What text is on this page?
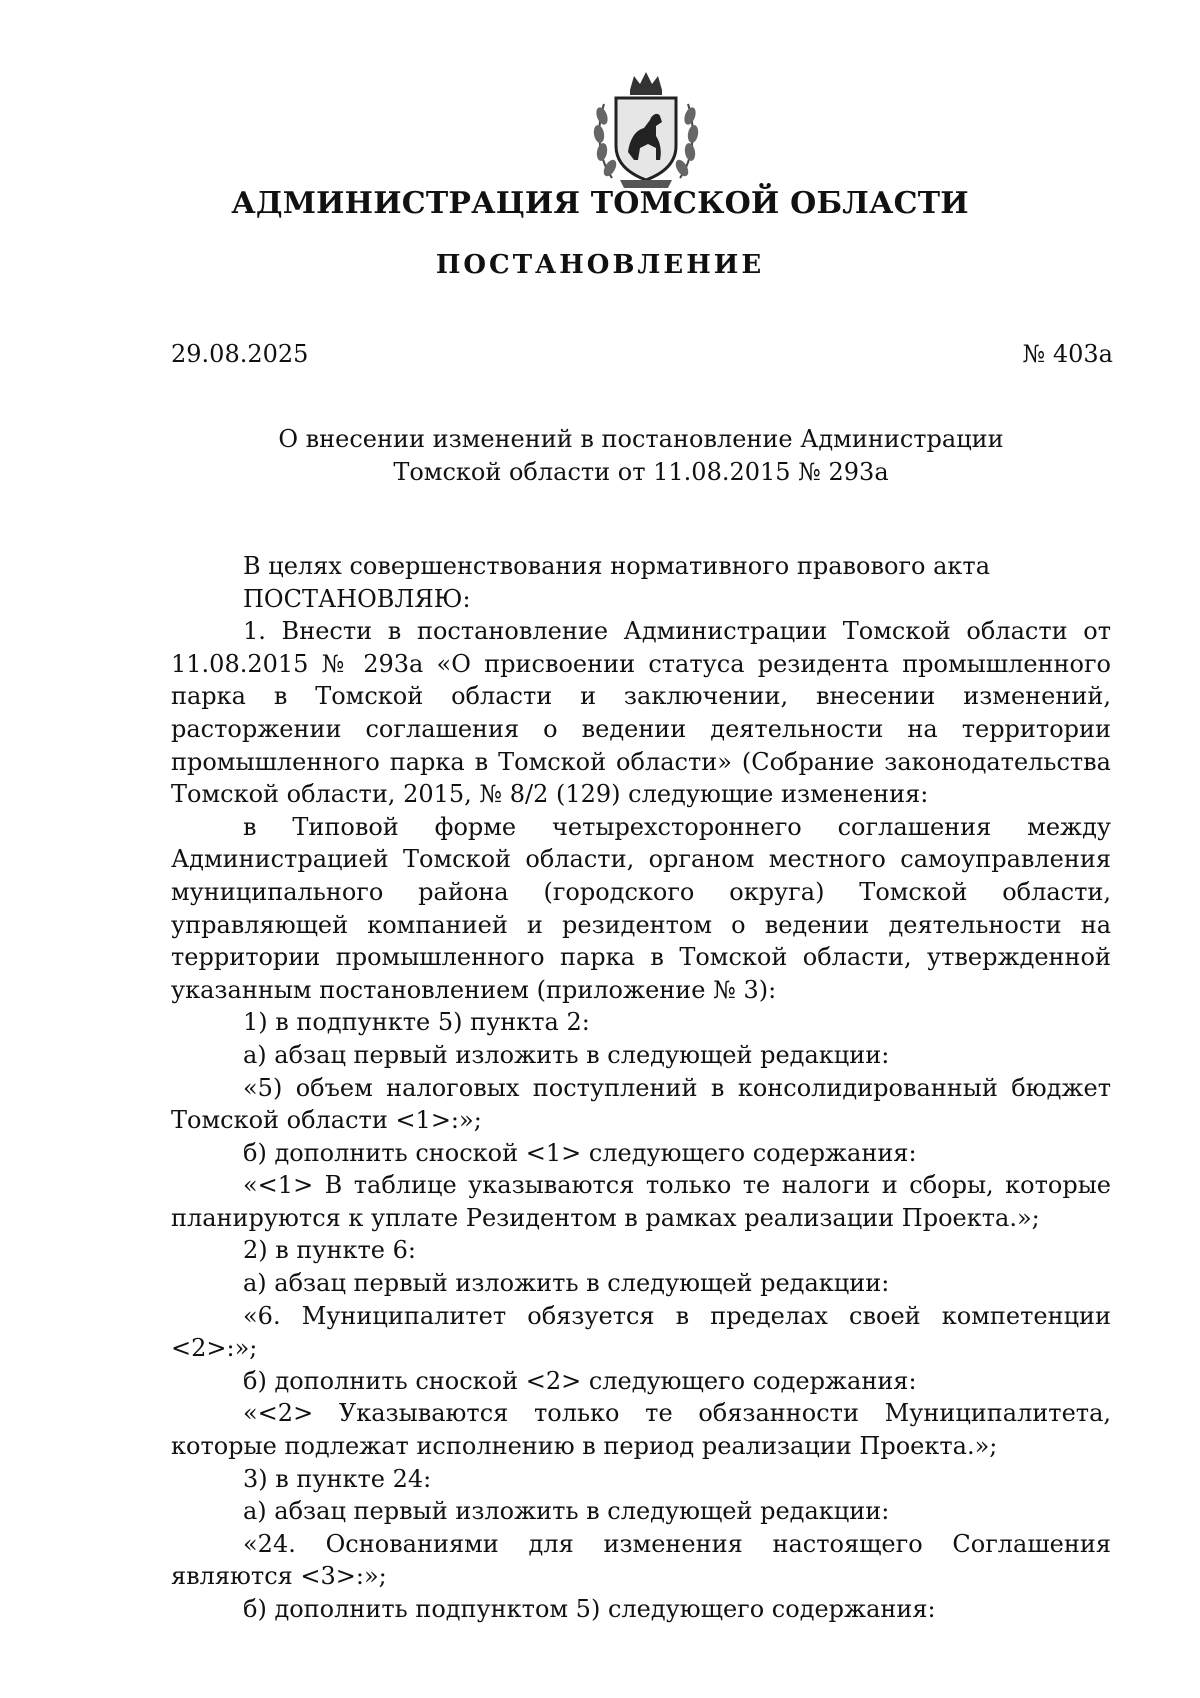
АДМИНИСТРАЦИЯ ТОМСКОЙ ОБЛАСТИ
ПОСТАНОВЛЕНИЕ
29.08.2025	№ 403а
О внесении изменений в постановление Администрации
Томской области от 11.08.2015 № 293а

В целях совершенствования нормативного правового акта

ПОСТАНОВЛЯЮ:

1. Внести в постановление Администрации Томской области от 11.08.2015 № 293а «О присвоении статуса резидента промышленного парка в Томской области и заключении, внесении изменений, расторжении соглашения о ведении деятельности на территории промышленного парка в Томской области» (Собрание законодательства Томской области, 2015, № 8/2 (129) следующие изменения:

в Типовой форме четырехстороннего соглашения между Администрацией Томской области, органом местного самоуправления муниципального района (городского округа) Томской области, управляющей компанией и резидентом о ведении деятельности на территории промышленного парка в Томской области, утвержденной указанным постановлением (приложение № 3):

1) в подпункте 5) пункта 2:

а) абзац первый изложить в следующей редакции:

«5) объем налоговых поступлений в консолидированный бюджет Томской области <1>:»;

б) дополнить сноской <1> следующего содержания:

«<1> В таблице указываются только те налоги и сборы, которые планируются к уплате Резидентом в рамках реализации Проекта.»;

2) в пункте 6:

а) абзац первый изложить в следующей редакции:

«6. Муниципалитет обязуется в пределах своей компетенции <2>:»;

б) дополнить сноской <2> следующего содержания:

«<2> Указываются только те обязанности Муниципалитета, которые подлежат исполнению в период реализации Проекта.»;

3) в пункте 24:

а) абзац первый изложить в следующей редакции:

«24. Основаниями для изменения настоящего Соглашения являются <3>:»;

б) дополнить подпунктом 5) следующего содержания:
